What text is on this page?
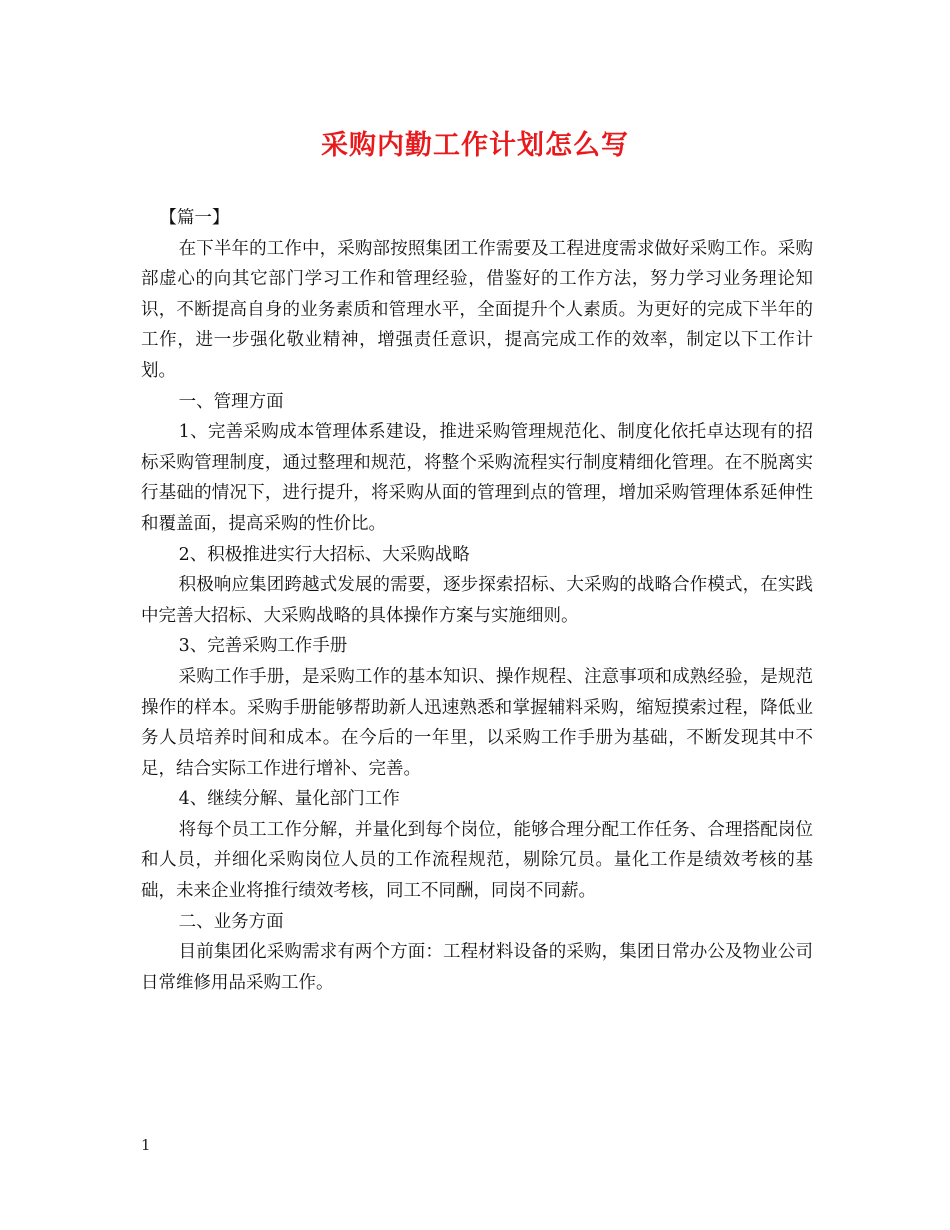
采购内勤工作计划怎么写

【篇一】

在下半年的工作中，采购部按照集团工作需要及工程进度需求做好采购工作。采购部虚心的向其它部门学习工作和管理经验，借鉴好的工作方法，努力学习业务理论知识，不断提高自身的业务素质和管理水平，全面提升个人素质。为更好的完成下半年的工作，进一步强化敬业精神，增强责任意识，提高完成工作的效率，制定以下工作计划。

一、管理方面

1、完善采购成本管理体系建设，推进采购管理规范化、制度化依托卓达现有的招标采购管理制度，通过整理和规范，将整个采购流程实行制度精细化管理。在不脱离实行基础的情况下，进行提升，将采购从面的管理到点的管理，增加采购管理体系延伸性和覆盖面，提高采购的性价比。

2、积极推进实行大招标、大采购战略

积极响应集团跨越式发展的需要，逐步探索招标、大采购的战略合作模式，在实践中完善大招标、大采购战略的具体操作方案与实施细则。

3、完善采购工作手册

采购工作手册，是采购工作的基本知识、操作规程、注意事项和成熟经验，是规范操作的样本。采购手册能够帮助新人迅速熟悉和掌握辅料采购，缩短摸索过程，降低业务人员培养时间和成本。在今后的一年里，以采购工作手册为基础，不断发现其中不足，结合实际工作进行增补、完善。

4、继续分解、量化部门工作

将每个员工工作分解，并量化到每个岗位，能够合理分配工作任务、合理搭配岗位和人员，并细化采购岗位人员的工作流程规范，剔除冗员。量化工作是绩效考核的基础，未来企业将推行绩效考核，同工不同酬，同岗不同薪。

二、业务方面

目前集团化采购需求有两个方面：工程材料设备的采购，集团日常办公及物业公司日常维修用品采购工作。

1
